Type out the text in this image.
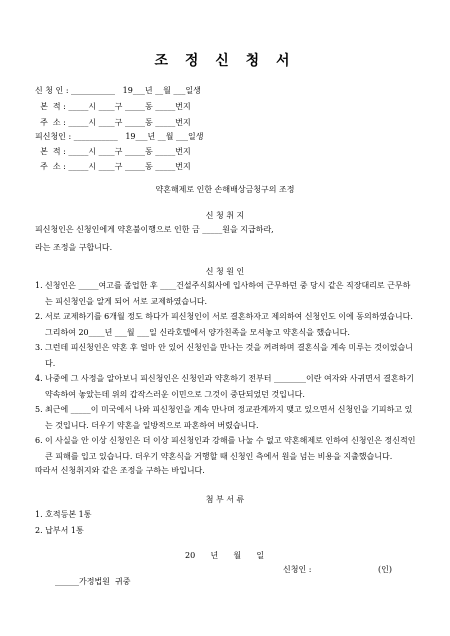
조 정 신 청 서
신 청 인 : ___________   19___년 __월 ___일생
본  적 : _____시 ____구 _____동 _____번지
주  소 : _____시 ____구 _____동 _____번지
피신청인 : ___________   19___년 __월 ___일생
본  적 : _____시 ____구 _____동 _____번지
주  소 : _____시 ____구 _____동 _____번지
약혼해제로 인한 손해배상금청구의 조정
신 청 취 지
피신청인은 신청인에게 약혼불이행으로 인한 금 _____원을 지급하라,
라는 조정을 구합니다.
신 청 원 인
1. 신청인은 _____여고를 졸업한 후 ____건설주식회사에 입사하여 근무하던 중 당시 같은 직장대리로 근무하는 피신청인을 알게 되어 서로 교제하였습니다.
2. 서로 교제하기를 6개월 정도 하다가 피신청인이 서로 결혼하자고 제의하여 신청인도 이에 동의하였습니다. 그리하여 20____년 ___월 ___일 신라호텔에서 양가친족을 모셔놓고 약혼식을 했습니다.
3. 그런데 피신청인은 약혼 후 얼마 안 있어 신청인을 만나는 것을 꺼려하며 결혼식을 계속 미루는 것이었습니다.
4. 나중에 그 사정을 알아보니 피신청인은 신청인과 약혼하기 전부터 ________이란 여자와 사귀면서 결혼하기 약속하여 놓았는데 위의 갑작스러운 이민으로 그것이 중단되었던 것입니다.
5. 최근에 _____이 미국에서 나와 피신청인을 계속 만나며 정교관계까지 맺고 있으면서 신청인을 기피하고 있는 것입니다. 더우기 약혼을 일방적으로 파혼하여 버렸습니다.
6. 이 사실을 안 이상 신청인은 더 이상 피신청인과 강해를 나눌 수 없고 약혼해제로 인하여 신청인은 정신적인 큰 피해를 입고 있습니다. 더우기 약혼식을 거행할 때 신청인 측에서 원을 넘는 비용을 지출했습니다.
따라서 신청취지와 같은 조정을 구하는 바입니다.
첨 부 서 류
1. 호적등본 1통
2. 납부서 1통
20      년      월      일
신청인 :	(인)
______가정법원  귀중
